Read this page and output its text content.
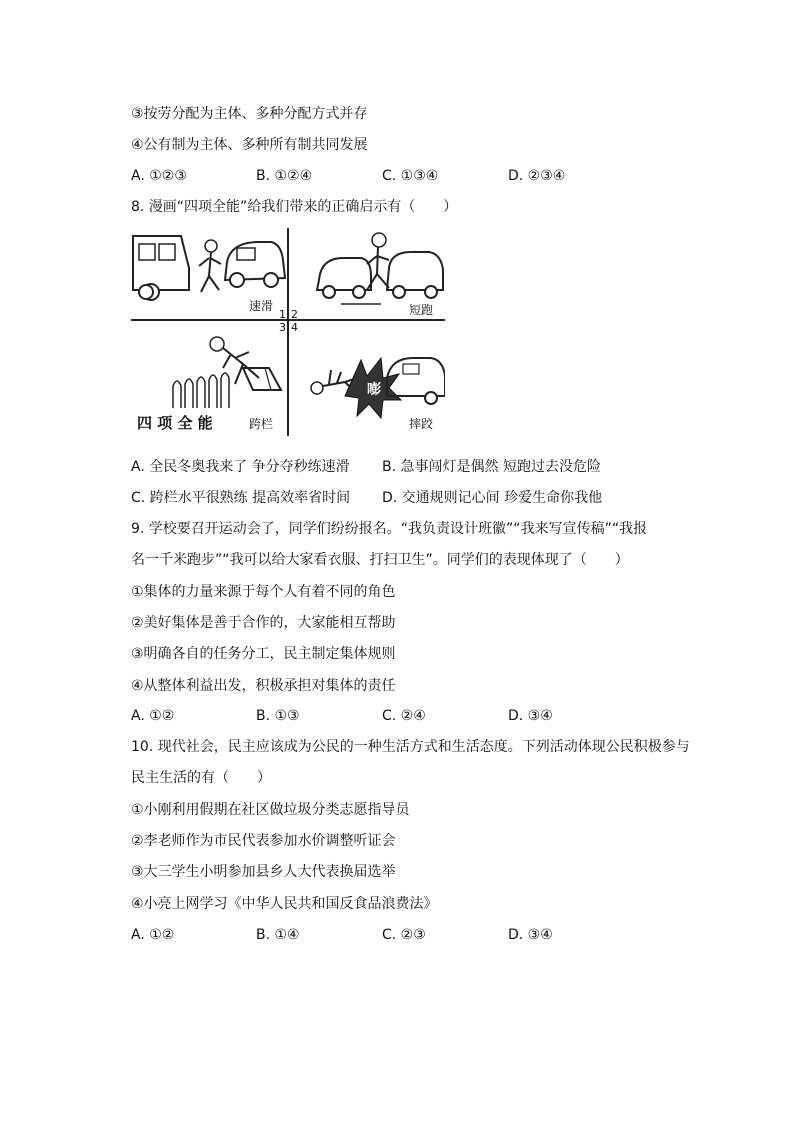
③按劳分配为主体、多种分配方式并存
④公有制为主体、多种所有制共同发展
A. ①②③	B. ①②④	C. ①③④	D. ②③④
8. 漫画“四项全能”给我们带来的正确启示有（　　）
速滑
1 2	短跑
3 4
四 项 全 能	跨栏
嘭
摔跤
A. 全民冬奥我来了 争分夺秒练速滑 B. 急事闯灯是偶然 短跑过去没危险
C. 跨栏水平很熟练 提高效率省时间 D. 交通规则记心间 珍爱生命你我他
9. 学校要召开运动会了，同学们纷纷报名。“我负责设计班徽”“我来写宣传稿”“我报
名一千米跑步”“我可以给大家看衣服、打扫卫生”。同学们的表现体现了（　　）
①集体的力量来源于每个人有着不同的角色
②美好集体是善于合作的，大家能相互帮助
③明确各自的任务分工，民主制定集体规则
④从整体利益出发，积极承担对集体的责任
A. ①②	B. ①③	C. ②④	D. ③④
10. 现代社会，民主应该成为公民的一种生活方式和生活态度。下列活动体现公民积极参与
民主生活的有（　　）
①小刚利用假期在社区做垃圾分类志愿指导员
②李老师作为市民代表参加水价调整听证会
③大三学生小明参加县乡人大代表换届选举
④小亮上网学习《中华人民共和国反食品浪费法》
A. ①②	B. ①④	C. ②③	D. ③④
